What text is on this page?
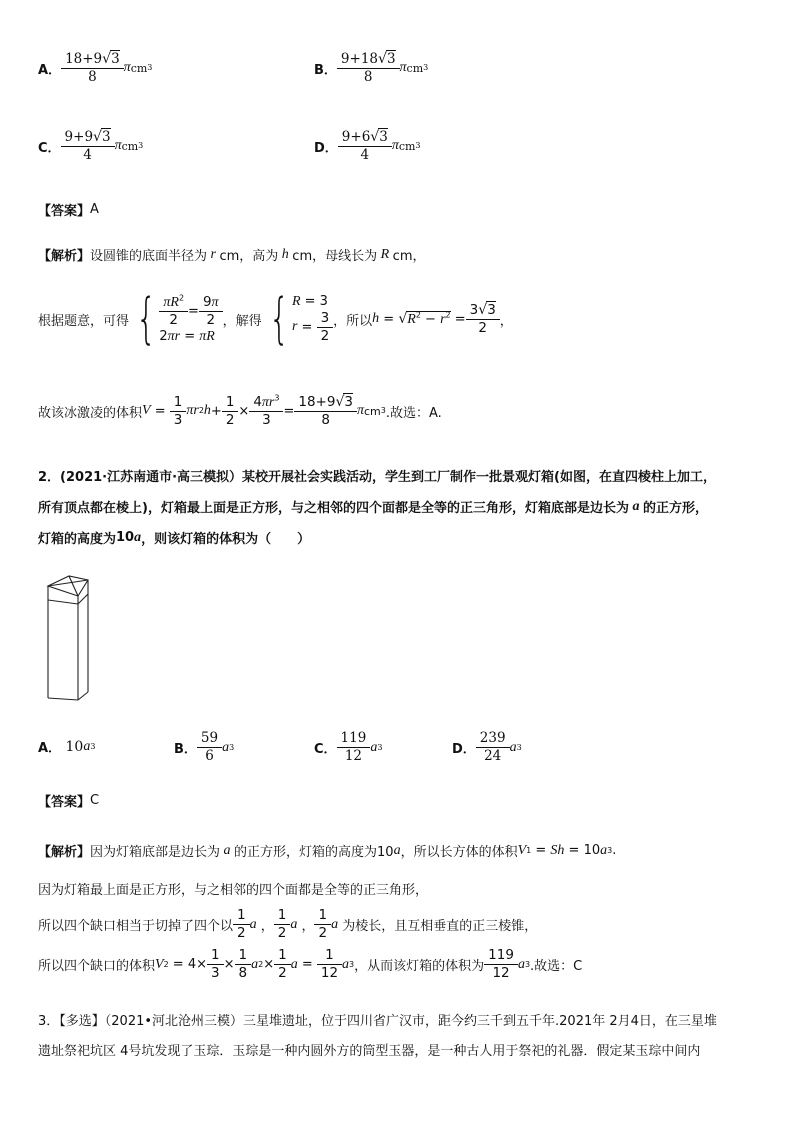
A． $\frac{18+9√3}{8}$ π cm 3	B． $\frac{9+18√3}{8}$ π cm 3
C． $\frac{9+9√3}{4}$ π cm 3	D． $\frac{9+6√3}{4}$ π cm 3
【答案】 A
【解析】 设圆锥的底面半径为 r cm，高为 h cm，母线长为 R cm，
根据题意，可得 { $\frac{\pi R^2}{2} = \frac{9\pi}{2}$
2 πr = πR
，解得 { R = 3
$r = \frac{3}{2}$ ，所以 h = √ $R^2 - r^2 = \frac{3√3}{2}$ ，
故该冰激凌的体积 $V = \frac{1}{3}$ πr 2 $h + \frac{1}{2} \times \frac{4\pi r^3}{3} = \frac{18+9√3}{8}$ π cm 3 .故选：A.
2．(2021·江苏南通市·高三模拟）某校开展社会实践活动，学生到工厂制作一批景观灯箱(如图，在直四棱柱上加工，
所有顶点都在棱上)，灯箱最上面是正方形，与之相邻的四个面都是全等的正三角形，灯箱底部是边长为 a 的正方形，
灯箱的高度为 10 a ，则该灯箱的体积为（　　）
A．
10 a 3	B． $\frac{59}{6}$ a 3	C． $\frac{119}{12}$ a 3	D． $\frac{239}{24}$ a 3
【答案】 C
【解析】 因为灯箱底部是边长为 a 的正方形，灯箱的高度为10 a ，所以长方体的体积 V 1 = Sh = 10 a 3 .
因为灯箱最上面是正方形，与之相邻的四个面都是全等的正三角形，
所以四个缺口相当于切掉了四个以 $\frac{1}{2}$ a ， $\frac{1}{2}$ a ， $\frac{1}{2}$ a
为棱长，且互相垂直的正三棱锥，
所以四个缺口的体积 V $2 = 4\times \frac{1}{3} \times \frac{1}{8}$ a $2 \times \frac{1}{2}$ $a = \frac{1}{12}$ a 3 ，从而该灯箱的体积为 $\frac{119}{12}$ a 3 .故选：C
3．【多选】（2021•河北沧州三模）三星堆遗址，位于四川省广汉市，距今约三千到五千年.2021年 2月4日，在三星堆
遗址祭祀坑区 4号坑发现了玉琮．玉琮是一种内圆外方的筒型玉器，是一种古人用于祭祀的礼器．假定某玉琮中间内
